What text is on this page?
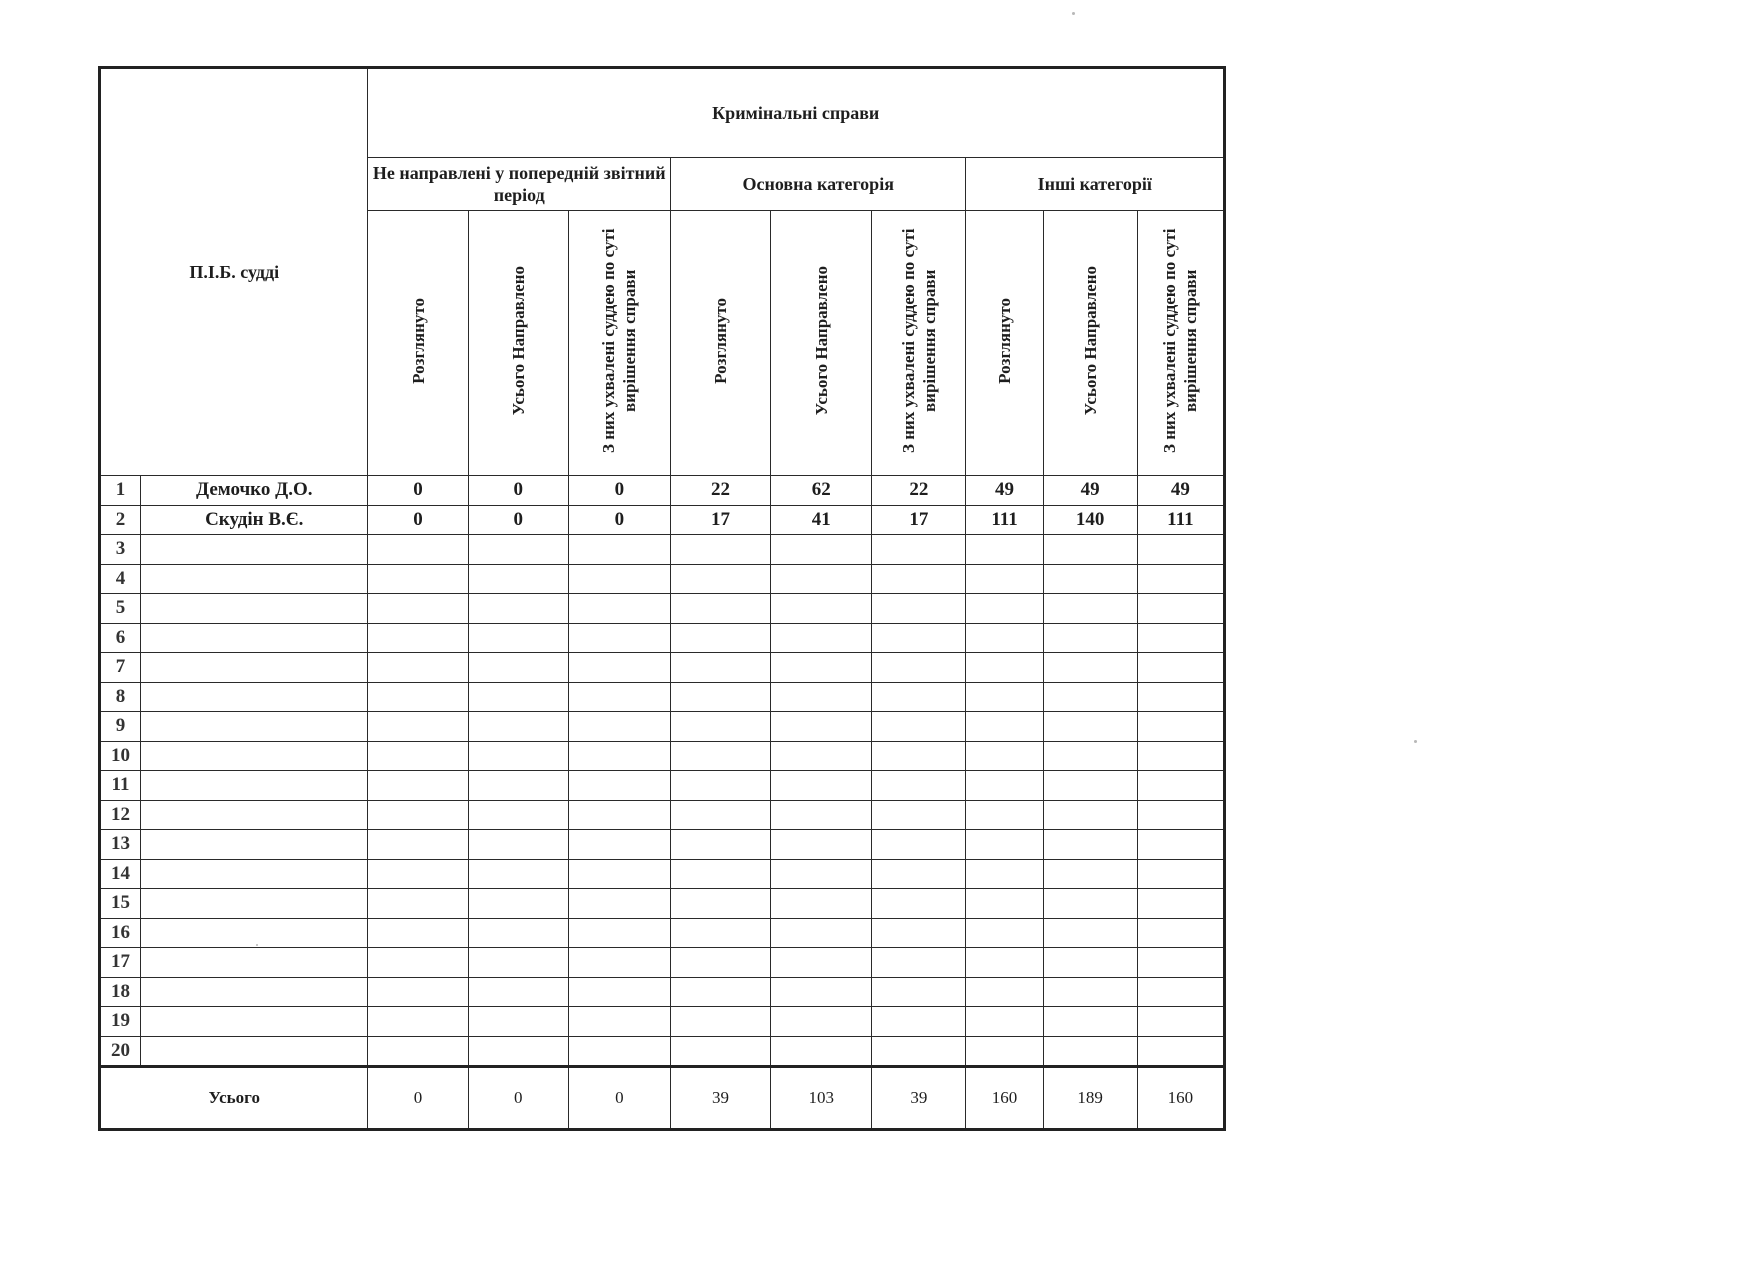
П.І.Б. судді		Кримінальні справи								
		Не направлені у попередній звітний період			Основна категорія			Інші категорії		
		Розглянуто	Усього Направлено	З них ухвалені суддею по суті вирішення справи	Розглянуто	Усього Направлено	З них ухвалені суддею по суті вирішення справи	Розглянуто	Усього Направлено	З них ухвалені суддею по суті вирішення справи
1	Демочко Д.О.	0	0	0	22	62	22	49	49	49
2	Скудін В.Є.	0	0	0	17	41	17	111	140	111
3										
4										
5										
6										
7										
8										
9										
10										
11										
12										
13										
14										
15										
16										
17										
18										
19										
20										
Усього		0	0	0	39	103	39	160	189	160
